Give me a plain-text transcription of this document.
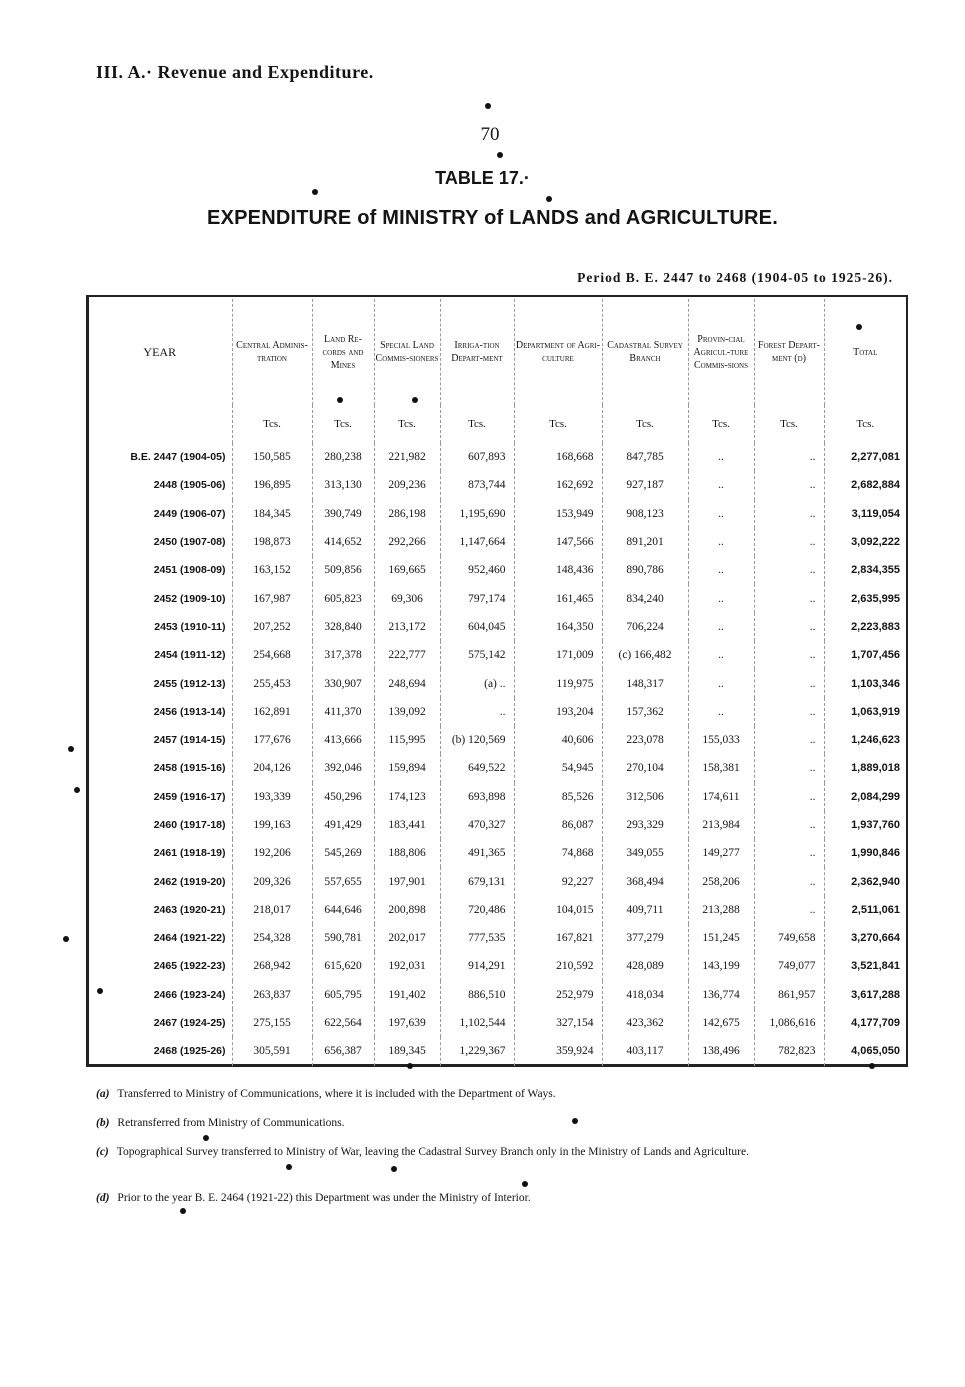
III. A.· Revenue and Expenditure.
70
TABLE 17.·
EXPENDITURE of MINISTRY of LANDS and AGRICULTURE.
Period B. E. 2447 to 2468 (1904-05 to 1925-26).
YEAR	Central Adminis-tration	Land Re-cords and Mines	Special Land Commis-sioners	Irriga-tion Depart-ment	Department of Agri-culture	Cadastral Survey Branch	Provin-cial Agricul-ture Commis-sions	Forest Depart-ment (d)	Total
	Tcs.	Tcs.	Tcs.	Tcs.	Tcs.	Tcs.	Tcs.	Tcs.	Tcs.
B.E. 2447 (1904-05)	150,585	280,238	221,982	607,893	168,668	847,785	..	..	2,277,081
2448 (1905-06)	196,895	313,130	209,236	873,744	162,692	927,187	..	..	2,682,884
2449 (1906-07)	184,345	390,749	286,198	1,195,690	153,949	908,123	..	..	3,119,054
2450 (1907-08)	198,873	414,652	292,266	1,147,664	147,566	891,201	..	..	3,092,222
2451 (1908-09)	163,152	509,856	169,665	952,460	148,436	890,786	..	..	2,834,355
2452 (1909-10)	167,987	605,823	69,306	797,174	161,465	834,240	..	..	2,635,995
2453 (1910-11)	207,252	328,840	213,172	604,045	164,350	706,224	..	..	2,223,883
2454 (1911-12)	254,668	317,378	222,777	575,142	171,009	(c) 166,482	..	..	1,707,456
2455 (1912-13)	255,453	330,907	248,694	(a) ..	119,975	148,317	..	..	1,103,346
2456 (1913-14)	162,891	411,370	139,092	..	193,204	157,362	..	..	1,063,919
2457 (1914-15)	177,676	413,666	115,995	(b) 120,569	40,606	223,078	155,033	..	1,246,623
2458 (1915-16)	204,126	392,046	159,894	649,522	54,945	270,104	158,381	..	1,889,018
2459 (1916-17)	193,339	450,296	174,123	693,898	85,526	312,506	174,611	..	2,084,299
2460 (1917-18)	199,163	491,429	183,441	470,327	86,087	293,329	213,984	..	1,937,760
2461 (1918-19)	192,206	545,269	188,806	491,365	74,868	349,055	149,277	..	1,990,846
2462 (1919-20)	209,326	557,655	197,901	679,131	92,227	368,494	258,206	..	2,362,940
2463 (1920-21)	218,017	644,646	200,898	720,486	104,015	409,711	213,288	..	2,511,061
2464 (1921-22)	254,328	590,781	202,017	777,535	167,821	377,279	151,245	749,658	3,270,664
2465 (1922-23)	268,942	615,620	192,031	914,291	210,592	428,089	143,199	749,077	3,521,841
2466 (1923-24)	263,837	605,795	191,402	886,510	252,979	418,034	136,774	861,957	3,617,288
2467 (1924-25)	275,155	622,564	197,639	1,102,544	327,154	423,362	142,675	1,086,616	4,177,709
2468 (1925-26)	305,591	656,387	189,345	1,229,367	359,924	403,117	138,496	782,823	4,065,050
(a) Transferred to Ministry of Communications, where it is included with the Department of Ways.
(b) Retransferred from Ministry of Communications.
(c) Topographical Survey transferred to Ministry of War, leaving the Cadastral Survey Branch only in the Ministry of Lands and Agriculture.
(d) Prior to the year B. E. 2464 (1921-22) this Department was under the Ministry of Interior.
